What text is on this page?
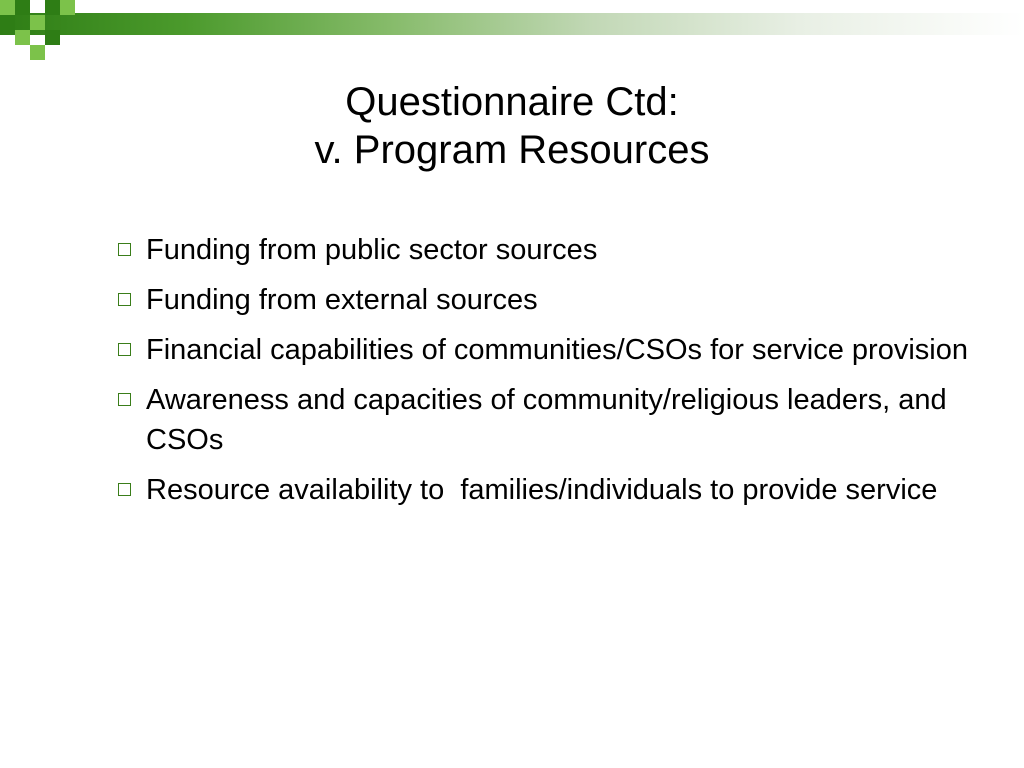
Questionnaire Ctd:
v. Program Resources
Funding from public sector sources
Funding from external sources
Financial capabilities of communities/CSOs for service provision
Awareness and capacities of community/religious leaders, and CSOs
Resource availability to  families/individuals to provide service
